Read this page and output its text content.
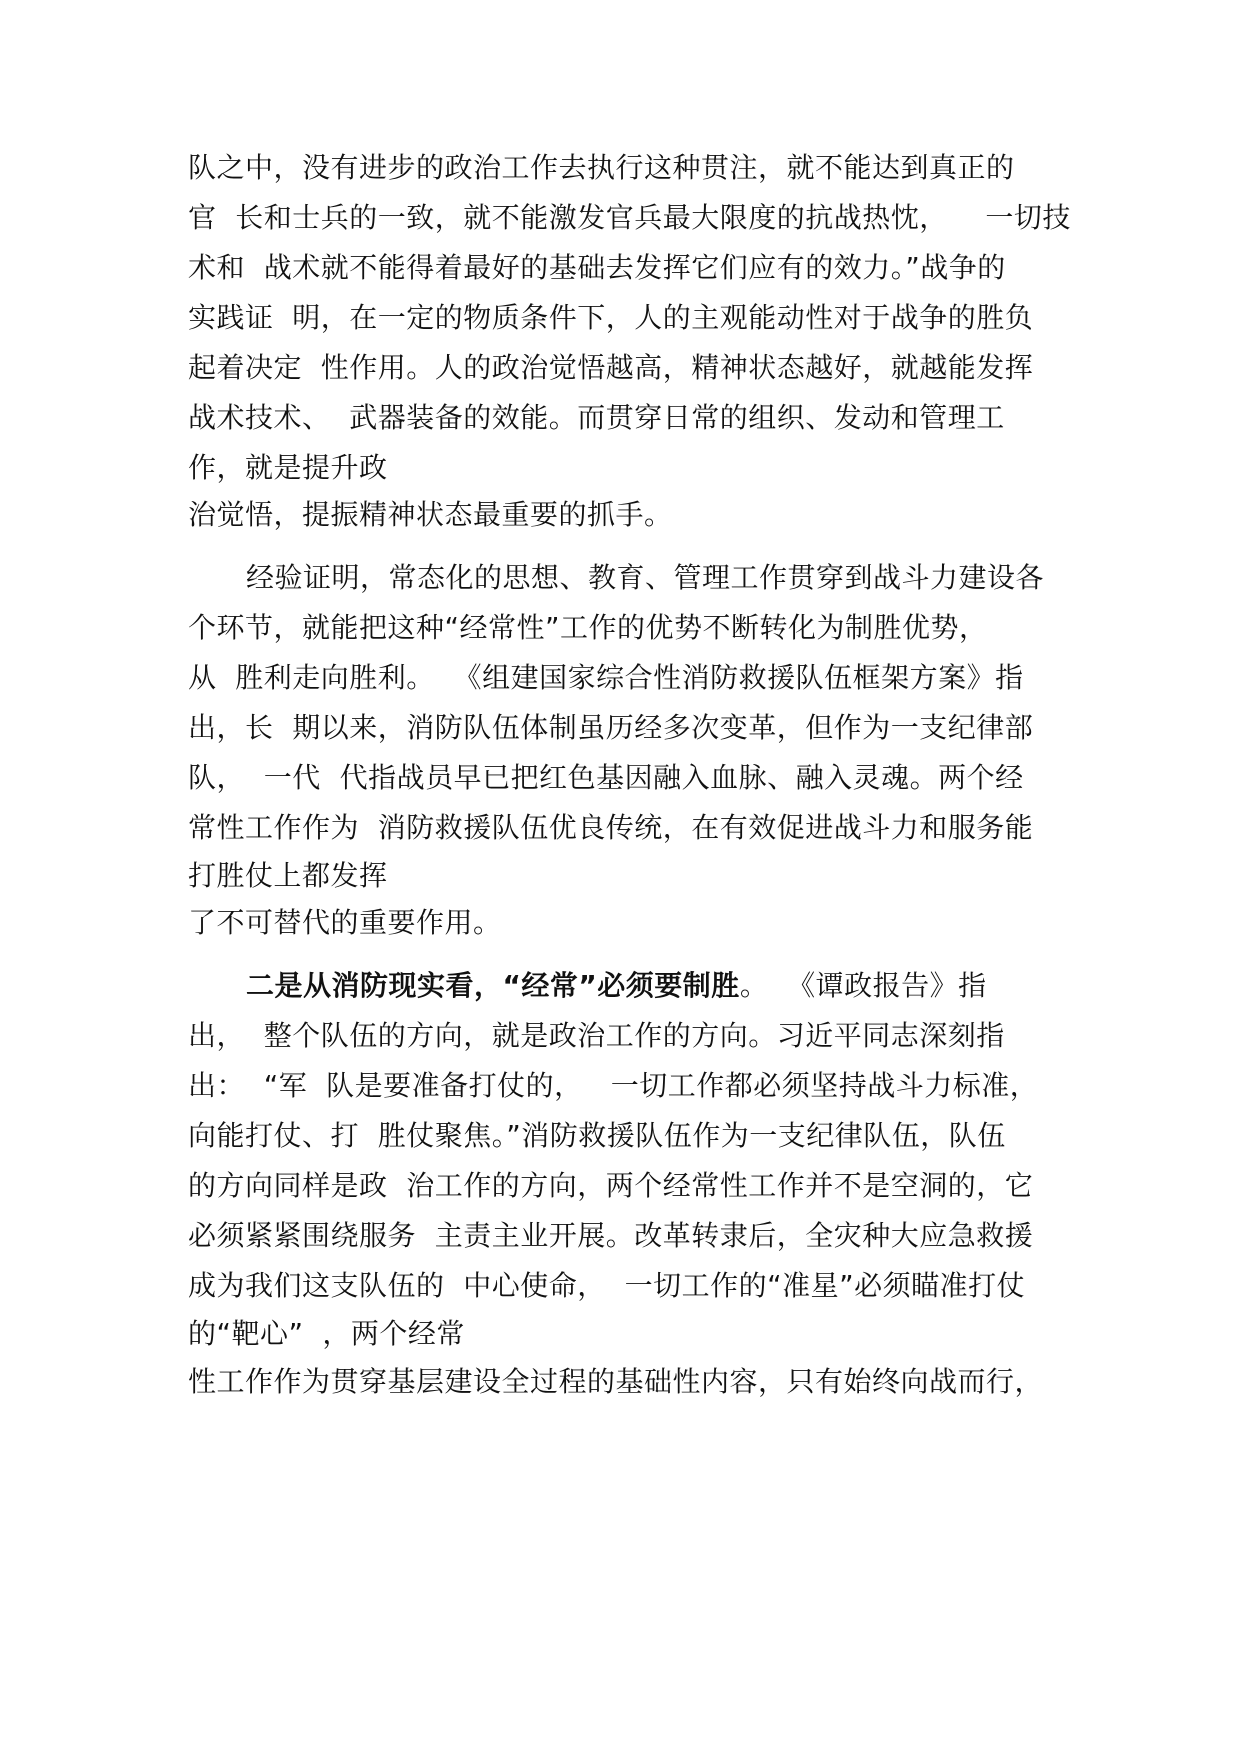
队之中，没有进步的政治工作去执行这种贯注，就不能达到真正的
官  长和士兵的一致，就不能激发官兵最大限度的抗战热忱，    一切技
术和  战术就不能得着最好的基础去发挥它们应有的效力。”战争的
实践证  明，在一定的物质条件下，人的主观能动性对于战争的胜负
起着决定  性作用。人的政治觉悟越高，精神状态越好，就越能发挥
战术技术、  武器装备的效能。而贯穿日常的组织、发动和管理工
作，就是提升政
治觉悟，提振精神状态最重要的抓手。
经验证明，常态化的思想、教育、管理工作贯穿到战斗力建设各
个环节，就能把这种“经常性”工作的优势不断转化为制胜优势，
从  胜利走向胜利。  《组建国家综合性消防救援队伍框架方案》指
出，长  期以来，消防队伍体制虽历经多次变革，但作为一支纪律部
队，  一代  代指战员早已把红色基因融入血脉、融入灵魂。两个经
常性工作作为  消防救援队伍优良传统，在有效促进战斗力和服务能
打胜仗上都发挥
了不可替代的重要作用。
二是从消防现实看，“经常”必须要制胜。  《谭政报告》指
出，  整个队伍的方向，就是政治工作的方向。习近平同志深刻指
出：  “军  队是要准备打仗的，   一切工作都必须坚持战斗力标准，
向能打仗、打  胜仗聚焦。”消防救援队伍作为一支纪律队伍，队伍
的方向同样是政  治工作的方向，两个经常性工作并不是空洞的，它
必须紧紧围绕服务  主责主业开展。改革转隶后，全灾种大应急救援
成为我们这支队伍的  中心使命，  一切工作的“准星”必须瞄准打仗
的“靶心”  ，两个经常
性工作作为贯穿基层建设全过程的基础性内容，只有始终向战而行，
